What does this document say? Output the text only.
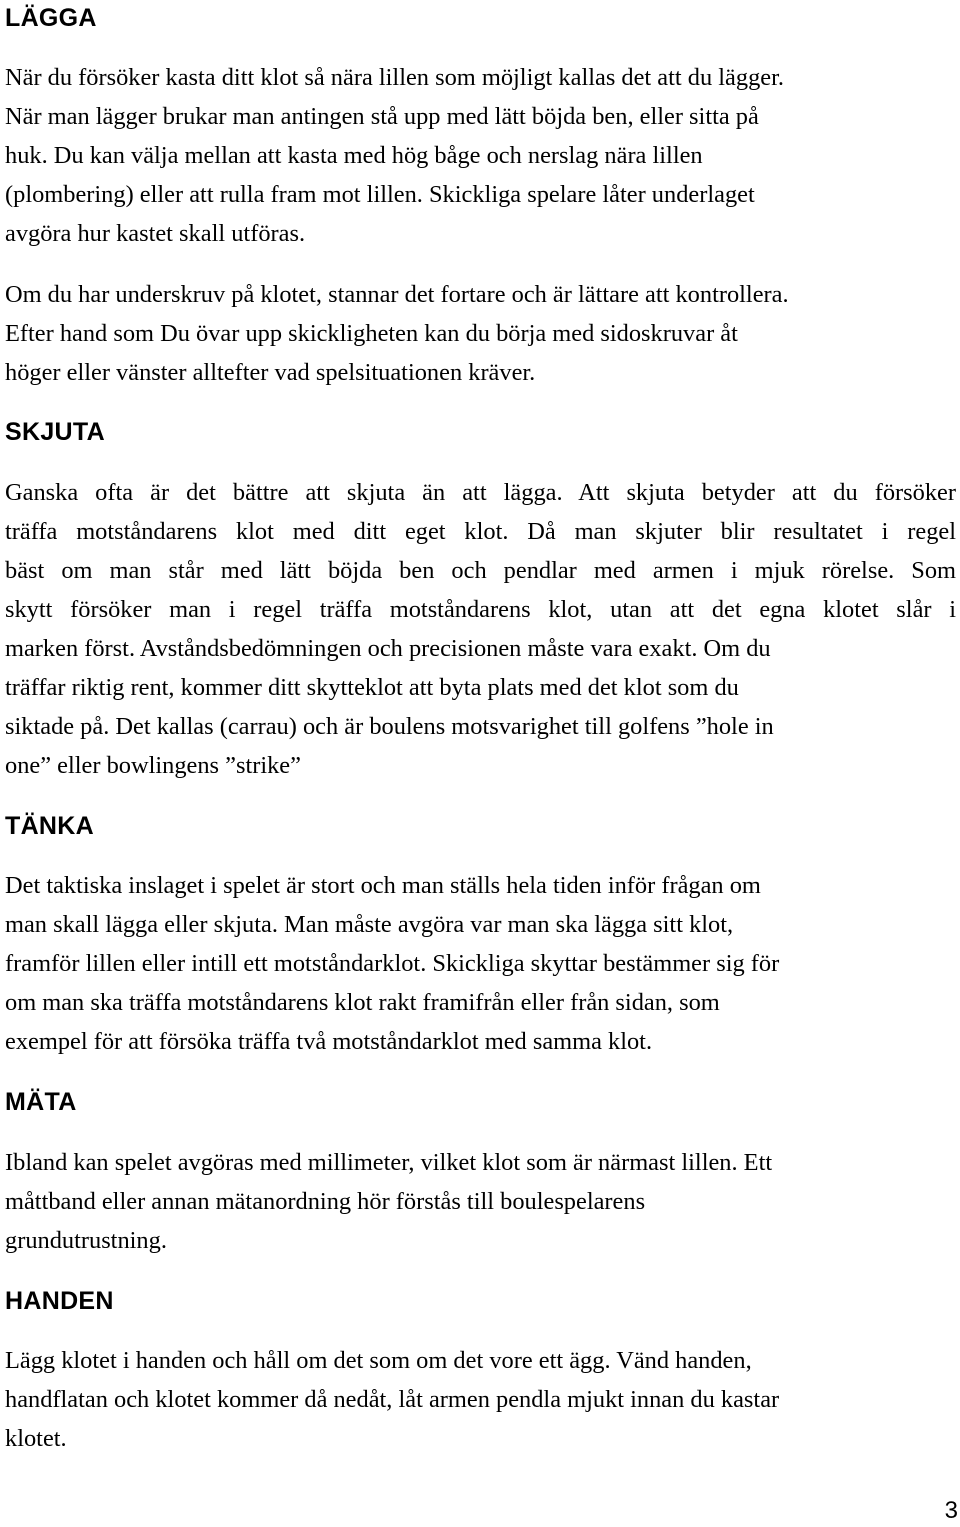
LÄGGA

När du försöker kasta ditt klot så nära lillen som möjligt kallas det att du lägger.
När man lägger brukar man antingen stå upp med lätt böjda ben, eller sitta på
huk. Du kan välja mellan att kasta med hög båge och nerslag nära lillen
(plombering) eller att rulla fram mot lillen. Skickliga spelare låter underlaget
avgöra hur kastet skall utföras.

Om du har underskruv på klotet, stannar det fortare och är lättare att kontrollera.
Efter hand som Du övar upp skickligheten kan du börja med sidoskruvar åt
höger eller vänster alltefter vad spelsituationen kräver.

SKJUTA

Ganska ofta är det bättre att skjuta än att lägga. Att skjuta betyder att du försöker
träffa motståndarens klot med ditt eget klot. Då man skjuter blir resultatet i regel
bäst om man står med lätt böjda ben och pendlar med armen i mjuk rörelse. Som
skytt försöker man i regel träffa motståndarens klot, utan att det egna klotet slår i
marken först. Avståndsbedömningen och precisionen måste vara exakt. Om du
träffar riktig rent, kommer ditt skytteklot att byta plats med det klot som du
siktade på. Det kallas (carrau) och är boulens motsvarighet till golfens ”hole in
one” eller bowlingens ”strike”

TÄNKA

Det taktiska inslaget i spelet är stort och man ställs hela tiden inför frågan om
man skall lägga eller skjuta. Man måste avgöra var man ska lägga sitt klot,
framför lillen eller intill ett motståndarklot. Skickliga skyttar bestämmer sig för
om man ska träffa motståndarens klot rakt framifrån eller från sidan, som
exempel för att försöka träffa två motståndarklot med samma klot.

MÄTA

Ibland kan spelet avgöras med millimeter, vilket klot som är närmast lillen. Ett
måttband eller annan mätanordning hör förstås till boulespelarens
grundutrustning.

HANDEN

Lägg klotet i handen och håll om det som om det vore ett ägg. Vänd handen,
handflatan och klotet kommer då nedåt, låt armen pendla mjukt innan du kastar
klotet.

3
